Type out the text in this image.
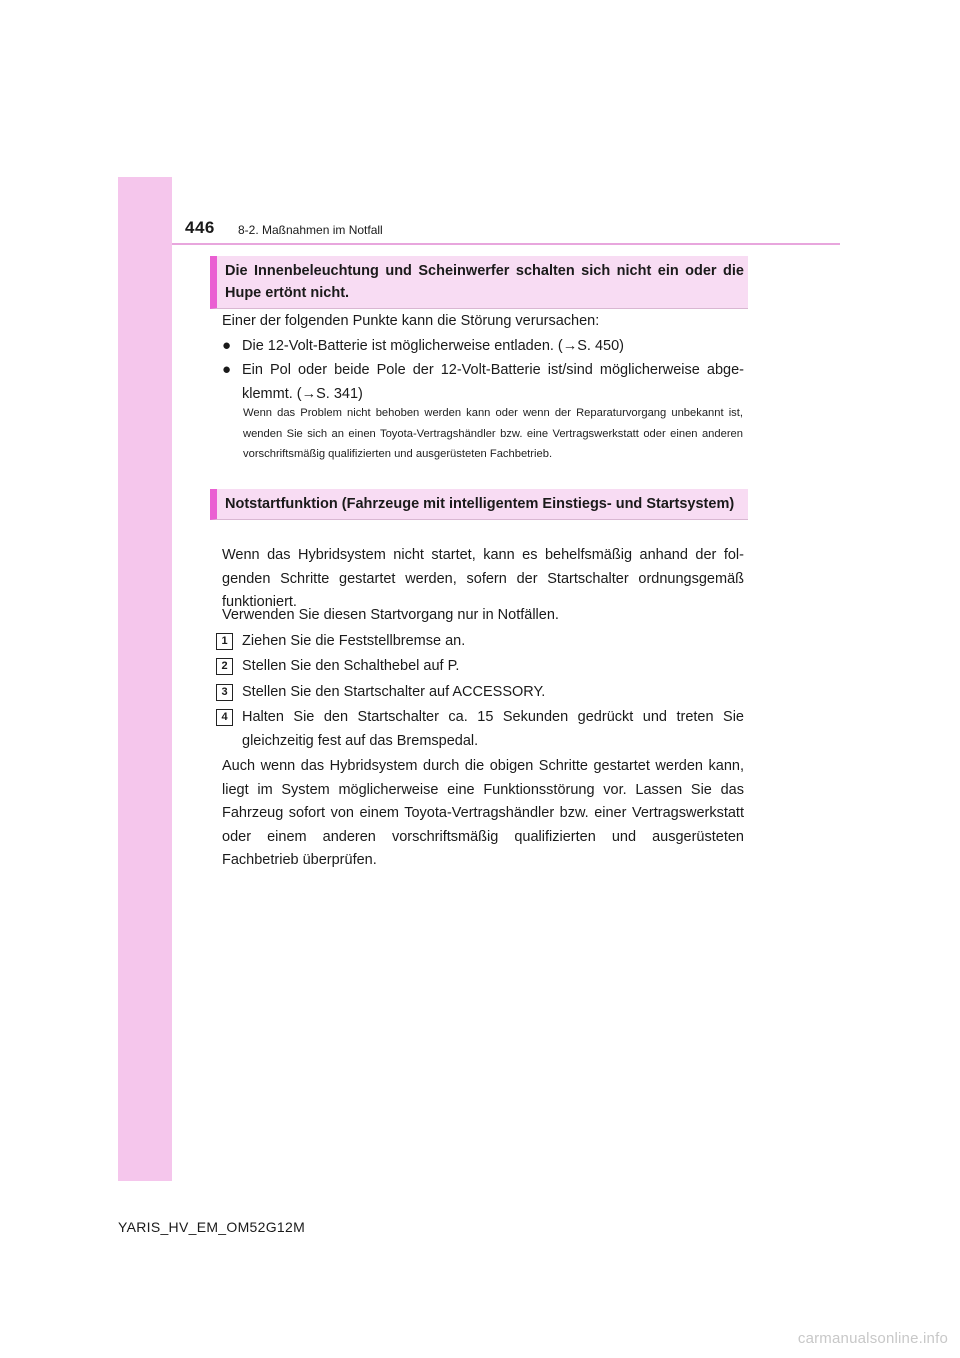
446 8-2. Maßnahmen im Notfall
Die Innenbeleuchtung und Scheinwerfer schalten sich nicht ein oder die Hupe ertönt nicht.
Einer der folgenden Punkte kann die Störung verursachen:
● Die 12-Volt-Batterie ist möglicherweise entladen. (→S. 450)
● Ein Pol oder beide Pole der 12-Volt-Batterie ist/sind möglicherweise abgeklemmt. (→S. 341)
Wenn das Problem nicht behoben werden kann oder wenn der Reparaturvorgang unbekannt ist, wenden Sie sich an einen Toyota-Vertragshändler bzw. eine Vertragswerkstatt oder einen anderen vorschriftsmäßig qualifizierten und ausgerüsteten Fachbetrieb.
Notstartfunktion (Fahrzeuge mit intelligentem Einstiegs- und Startsystem)
Wenn das Hybridsystem nicht startet, kann es behelfsmäßig anhand der folgenden Schritte gestartet werden, sofern der Startschalter ordnungsgemäß funktioniert.
Verwenden Sie diesen Startvorgang nur in Notfällen.
1 Ziehen Sie die Feststellbremse an.
2 Stellen Sie den Schalthebel auf P.
3 Stellen Sie den Startschalter auf ACCESSORY.
4 Halten Sie den Startschalter ca. 15 Sekunden gedrückt und treten Sie gleichzeitig fest auf das Bremspedal.
Auch wenn das Hybridsystem durch die obigen Schritte gestartet werden kann, liegt im System möglicherweise eine Funktionsstörung vor. Lassen Sie das Fahrzeug sofort von einem Toyota-Vertragshändler bzw. einer Vertragswerkstatt oder einem anderen vorschriftsmäßig qualifizierten und ausgerüsteten Fachbetrieb überprüfen.
YARIS_HV_EM_OM52G12M
carmanualsonline.info
